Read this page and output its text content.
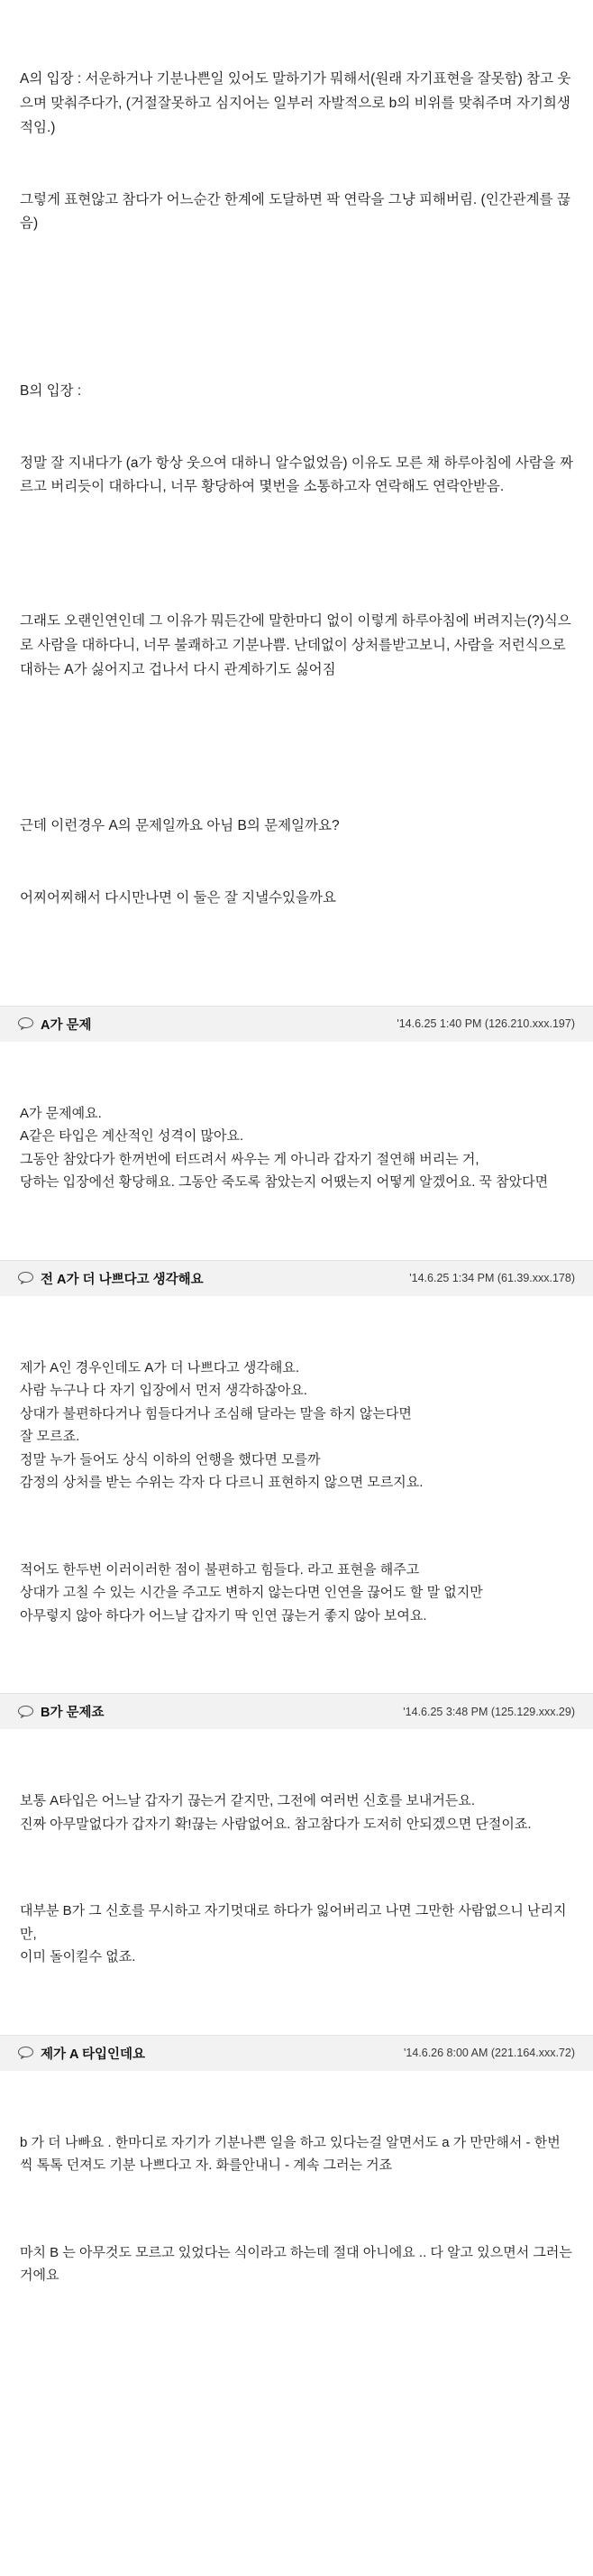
A의 입장 : 서운하거나 기분나쁜일 있어도 말하기가 뭐해서(원래 자기표현을 잘못함) 참고 웃으며 맞춰주다가, (거절잘못하고 심지어는 일부러 자발적으로 b의 비위를 맞춰주며 자기희생적임.)

그렇게 표현않고 참다가 어느순간 한계에 도달하면 팍 연락을 그냥 피해버림. (인간관계를 끊음)

B의 입장 :

정말 잘 지내다가 (a가 항상 웃으여 대하니 알수없었음) 이유도 모른 채 하루아침에 사람을 짜르고 버리듯이 대하다니, 너무 황당하여 몇번을 소통하고자 연락해도 연락안받음.

그래도 오랜인연인데 그 이유가 뭐든간에 말한마디 없이 이렇게 하루아침에 버려지는(?)식으로 사람을 대하다니, 너무 불쾌하고 기분나쁨. 난데없이 상처를받고보니, 사람을 저런식으로대하는 A가 싫어지고 겁나서 다시 관계하기도 싫어짐

근데 이런경우 A의 문제일까요 아님 B의 문제일까요?

어찌어찌해서 다시만나면 이 둘은 잘 지낼수있을까요

A가 문제	'14.6.25 1:40 PM (126.210.xxx.197)

A가 문제예요.
A같은 타입은 계산적인 성격이 많아요.
그동안 참았다가 한꺼번에 터뜨려서 싸우는 게 아니라 갑자기 절연해 버리는 거,
당하는 입장에선 황당해요. 그동안 죽도록 참았는지 어땠는지 어떻게 알겠어요. 꾹 참았다면

전 A가 더 나쁘다고 생각해요	'14.6.25 1:34 PM (61.39.xxx.178)

제가 A인 경우인데도 A가 더 나쁘다고 생각해요.
사람 누구나 다 자기 입장에서 먼저 생각하잖아요.
상대가 불편하다거나 힘들다거나 조심해 달라는 말을 하지 않는다면
잘 모르죠.
정말 누가 들어도 상식 이하의 언행을 했다면 모를까
감정의 상처를 받는 수위는 각자 다 다르니 표현하지 않으면 모르지요.

적어도 한두번 이러이러한 점이 불편하고 힘들다. 라고 표현을 해주고
상대가 고칠 수 있는 시간을 주고도 변하지 않는다면 인연을 끊어도 할 말 없지만
아무렇지 않아 하다가 어느날 갑자기 딱 인연 끊는거 좋지 않아 보여요.

B가 문제죠	'14.6.25 3:48 PM (125.129.xxx.29)

보통 A타입은 어느날 갑자기 끊는거 같지만, 그전에 여러번 신호를 보내거든요.
진짜 아무말없다가 갑자기 확!끊는 사람없어요. 참고참다가 도저히 안되겠으면 단절이죠.

대부분 B가 그 신호를 무시하고 자기멋대로 하다가 잃어버리고 나면 그만한 사람없으니 난리지만,
이미 돌이킬수 없죠.

제가 A 타입인데요	'14.6.26 8:00 AM (221.164.xxx.72)

b 가 더 나빠요 . 한마디로 자기가 기분나쁜 일을 하고 있다는걸 알면서도 a 가 만만해서 - 한번씩 톡톡 던져도 기분 나쁘다고 자. 화를안내니 - 계속 그러는 거죠

마치 B 는 아무것도 모르고 있었다는 식이라고 하는데 절대 아니에요 .. 다 알고 있으면서 그러는 거에요
